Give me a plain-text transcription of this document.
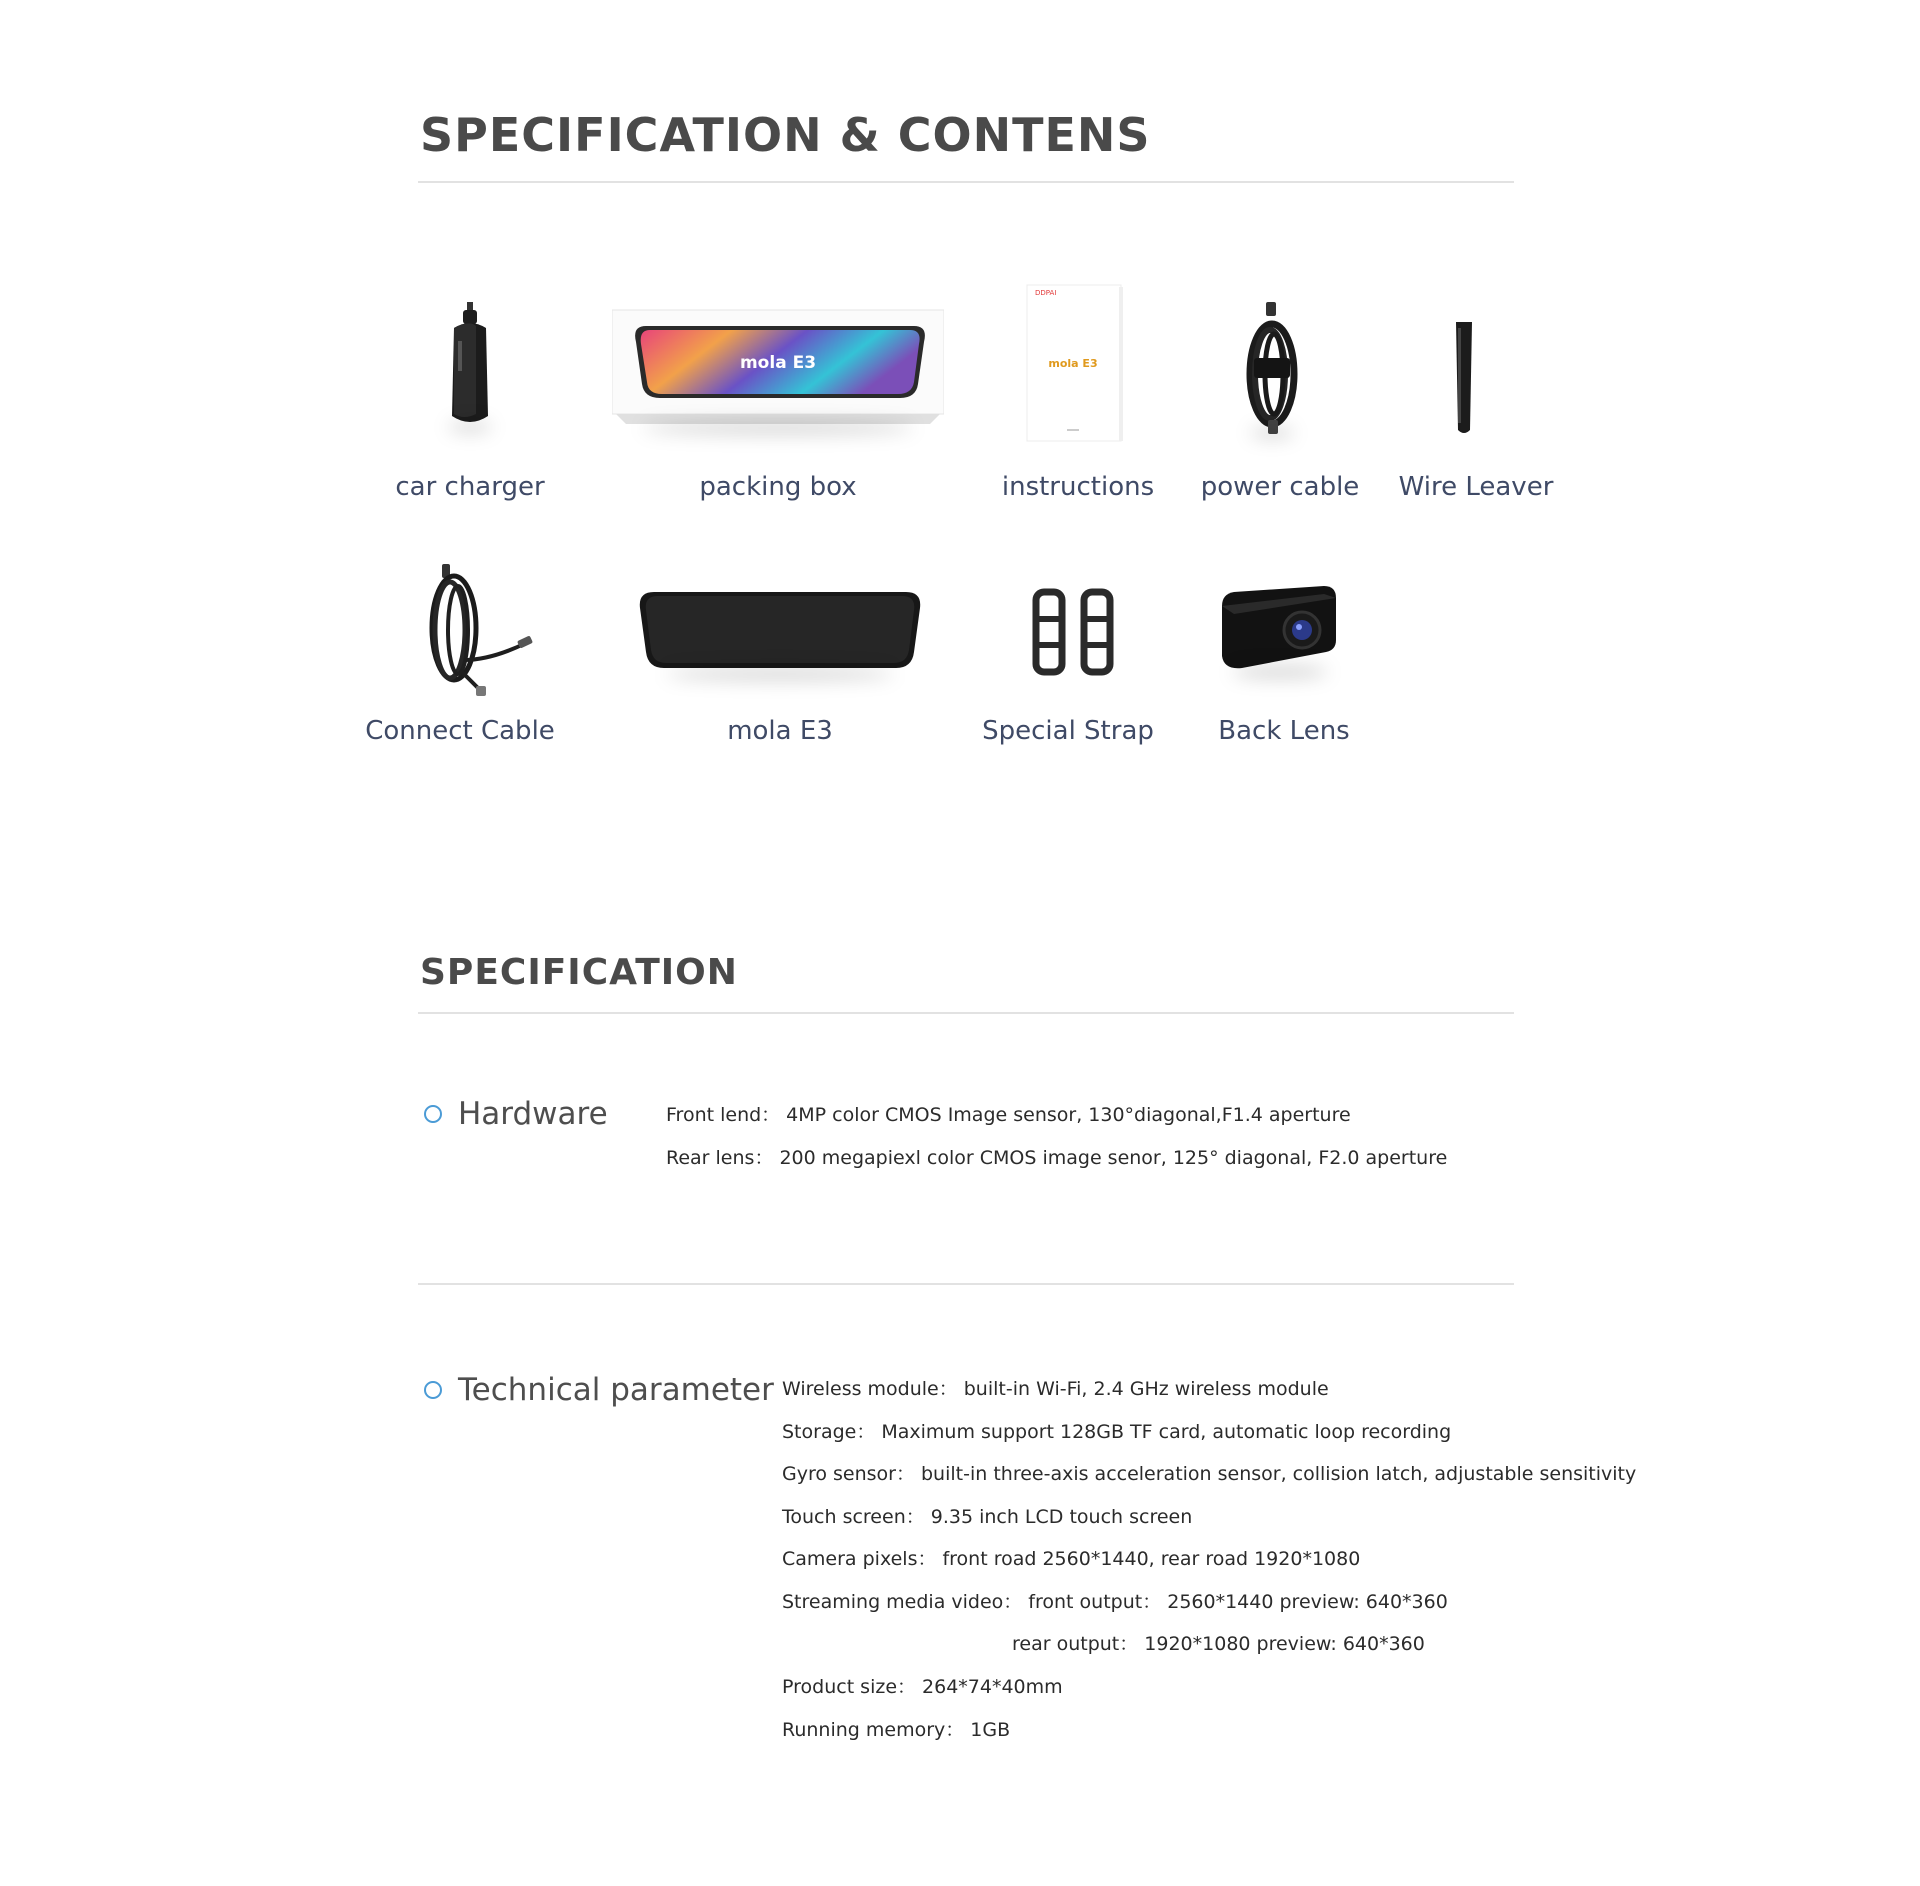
SPECIFICATION & CONTENS
car charger
mola E3
packing box
DDPAI
mola E3
instructions power cable Wire Leaver
Connect Cable	mola E3	Special Strap Back Lens
SPECIFICATION
Hardware	Front lend： 4MP color CMOS Image sensor, 130°diagonal,F1.4 aperture
Rear lens： 200 megapiexl color CMOS image senor, 125° diagonal, F2.0 aperture
Technical parameter Wireless module： built-in Wi-Fi, 2.4 GHz wireless module
Storage： Maximum support 128GB TF card, automatic loop recording
Gyro sensor： built-in three-axis acceleration sensor, collision latch, adjustable sensitivity
Touch screen： 9.35 inch LCD touch screen
Camera pixels： front road 2560*1440, rear road 1920*1080
Streaming media video： front output： 2560*1440 preview: 640*360
rear output： 1920*1080 preview: 640*360
Product size： 264*74*40mm
Running memory： 1GB
